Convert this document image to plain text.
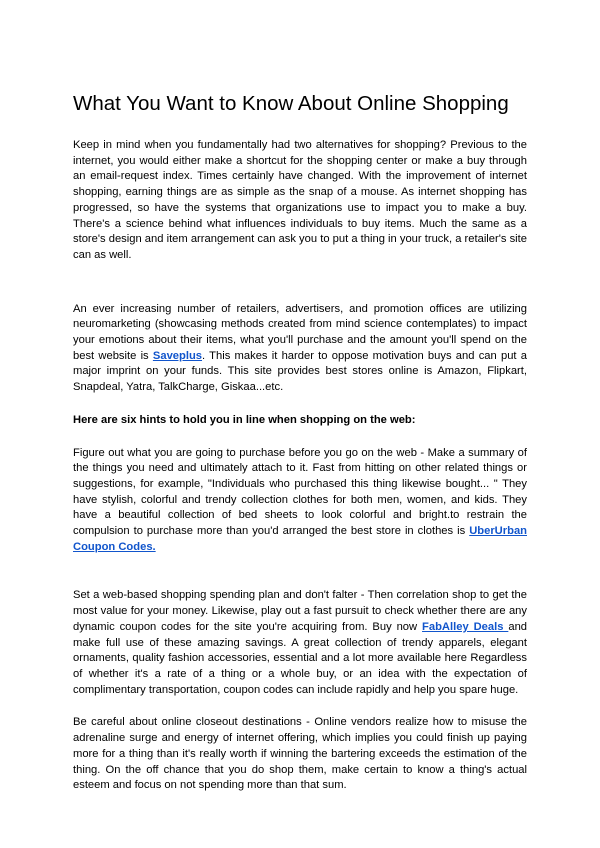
What You Want to Know About Online Shopping

Keep in mind when you fundamentally had two alternatives for shopping? Previous to the internet, you would either make a shortcut for the shopping center or make a buy through an email-request index. Times certainly have changed. With the improvement of internet shopping, earning things are as simple as the snap of a mouse. As internet shopping has progressed, so have the systems that organizations use to impact you to make a buy. There's a science behind what influences individuals to buy items. Much the same as a store's design and item arrangement can ask you to put a thing in your truck, a retailer's site can as well.

An ever increasing number of retailers, advertisers, and promotion offices are utilizing neuromarketing (showcasing methods created from mind science contemplates) to impact your emotions about their items, what you'll purchase and the amount you'll spend on the best website is Saveplus. This makes it harder to oppose motivation buys and can put a major imprint on your funds. This site provides best stores online is Amazon, Flipkart, Snapdeal, Yatra, TalkCharge, Giskaa...etc.

Here are six hints to hold you in line when shopping on the web:

Figure out what you are going to purchase before you go on the web - Make a summary of the things you need and ultimately attach to it. Fast from hitting on other related things or suggestions, for example, "Individuals who purchased this thing likewise bought... " They have stylish, colorful and trendy collection clothes for both men, women, and kids. They have a beautiful collection of bed sheets to look colorful and bright.to restrain the compulsion to purchase more than you'd arranged the best store in clothes is UberUrban Coupon Codes.

Set a web-based shopping spending plan and don't falter - Then correlation shop to get the most value for your money. Likewise, play out a fast pursuit to check whether there are any dynamic coupon codes for the site you're acquiring from. Buy now FabAlley Deals and make full use of these amazing savings. A great collection of trendy apparels, elegant ornaments, quality fashion accessories, essential and a lot more available here Regardless of whether it's a rate of a thing or a whole buy, or an idea with the expectation of complimentary transportation, coupon codes can include rapidly and help you spare huge.

Be careful about online closeout destinations - Online vendors realize how to misuse the adrenaline surge and energy of internet offering, which implies you could finish up paying more for a thing than it's really worth if winning the bartering exceeds the estimation of the thing. On the off chance that you do shop them, make certain to know a thing's actual esteem and focus on not spending more than that sum.
